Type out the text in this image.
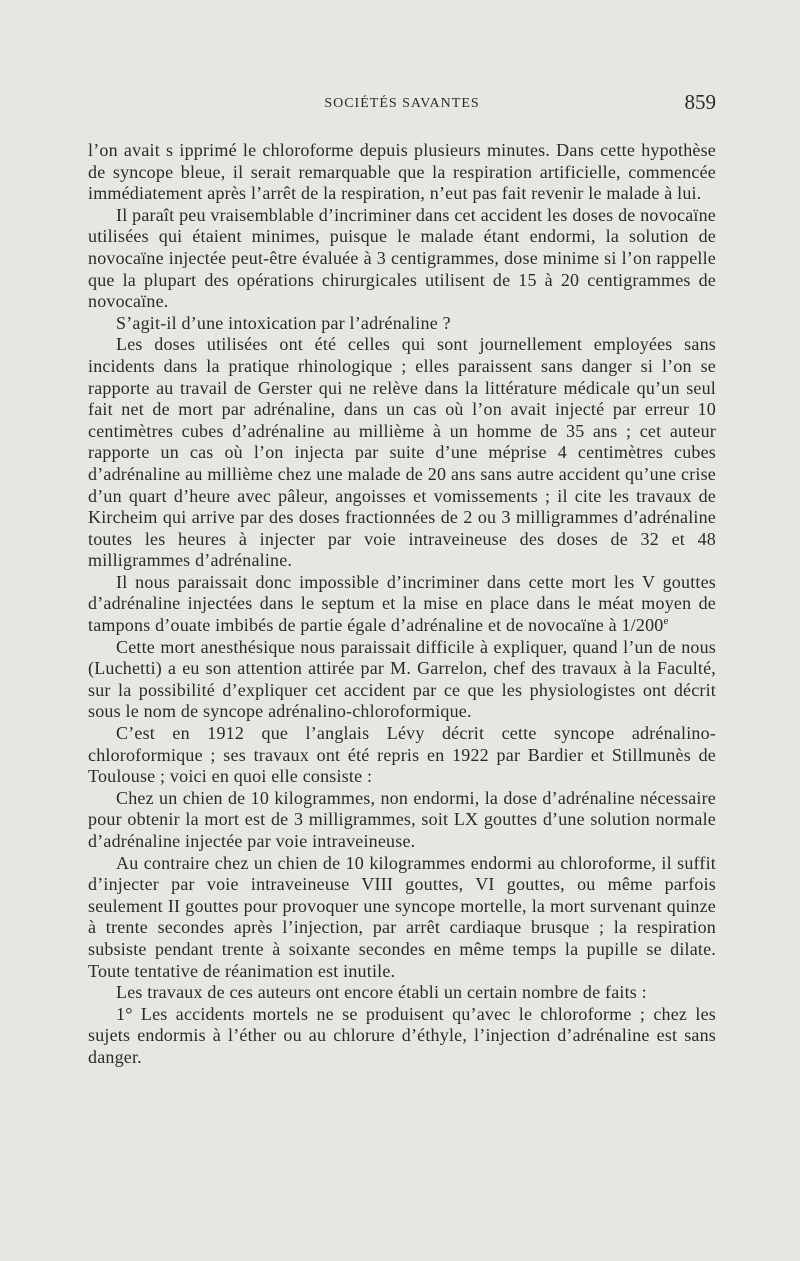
SOCIÉTÉS SAVANTES	859

l’on avait s ipprimé le chloroforme depuis plusieurs minutes. Dans cette hypothèse de syncope bleue, il serait remarquable que la respiration artificielle, commencée immédiatement après l’arrêt de la respiration, n’eut pas fait revenir le malade à lui.

Il paraît peu vraisemblable d’incriminer dans cet accident les doses de novocaïne utilisées qui étaient minimes, puisque le malade étant endormi, la solution de novocaïne injectée peut-être évaluée à 3 centigrammes, dose minime si l’on rappelle que la plupart des opérations chirurgicales utilisent de 15 à 20 centigrammes de novocaïne.

S’agit-il d’une intoxication par l’adrénaline ?

Les doses utilisées ont été celles qui sont journellement employées sans incidents dans la pratique rhinologique ; elles paraissent sans danger si l’on se rapporte au travail de Gerster qui ne relève dans la littérature médicale qu’un seul fait net de mort par adrénaline, dans un cas où l’on avait injecté par erreur 10 centimètres cubes d’adrénaline au millième à un homme de 35 ans ; cet auteur rapporte un cas où l’on injecta par suite d’une méprise 4 centimètres cubes d’adrénaline au millième chez une malade de 20 ans sans autre accident qu’une crise d’un quart d’heure avec pâleur, angoisses et vomissements ; il cite les travaux de Kircheim qui arrive par des doses fractionnées de 2 ou 3 milligrammes d’adrénaline toutes les heures à injecter par voie intraveineuse des doses de 32 et 48 milligrammes d’adrénaline.

Il nous paraissait donc impossible d’incriminer dans cette mort les V gouttes d’adrénaline injectées dans le septum et la mise en place dans le méat moyen de tampons d’ouate imbibés de partie égale d’adrénaline et de novocaïne à 1/200e

Cette mort anesthésique nous paraissait difficile à expliquer, quand l’un de nous (Luchetti) a eu son attention attirée par M. Garrelon, chef des travaux à la Faculté, sur la possibilité d’expliquer cet accident par ce que les physiologistes ont décrit sous le nom de syncope adrénalino-chloroformique.

C’est en 1912 que l’anglais Lévy décrit cette syncope adrénalino-chloroformique ; ses travaux ont été repris en 1922 par Bardier et Stillmunès de Toulouse ; voici en quoi elle consiste :

Chez un chien de 10 kilogrammes, non endormi, la dose d’adrénaline nécessaire pour obtenir la mort est de 3 milligrammes, soit LX gouttes d’une solution normale d’adrénaline injectée par voie intraveineuse.

Au contraire chez un chien de 10 kilogrammes endormi au chloroforme, il suffit d’injecter par voie intraveineuse VIII gouttes, VI gouttes, ou même parfois seulement II gouttes pour provoquer une syncope mortelle, la mort survenant quinze à trente secondes après l’injection, par arrêt cardiaque brusque ; la respiration subsiste pendant trente à soixante secondes en même temps la pupille se dilate. Toute tentative de réanimation est inutile.

Les travaux de ces auteurs ont encore établi un certain nombre de faits :

1° Les accidents mortels ne se produisent qu’avec le chloroforme ; chez les sujets endormis à l’éther ou au chlorure d’éthyle, l’injection d’adrénaline est sans danger.
